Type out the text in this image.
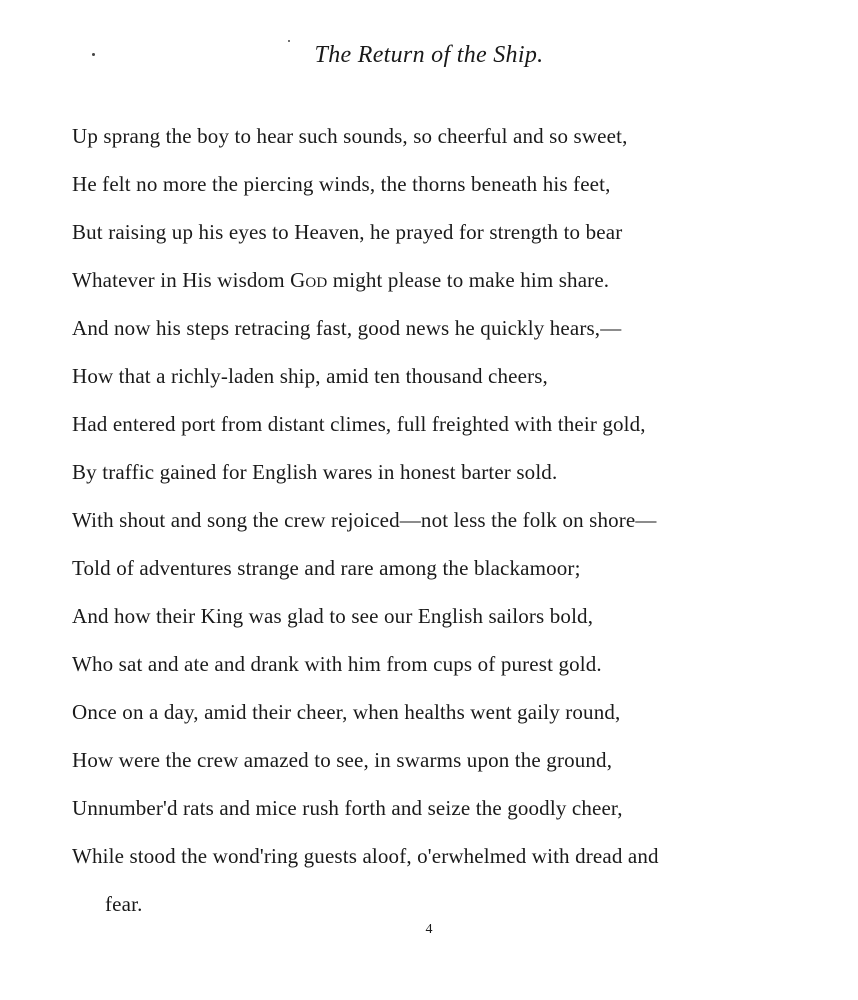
The Return of the Ship.
Up sprang the boy to hear such sounds, so cheerful and so sweet,
He felt no more the piercing winds, the thorns beneath his feet,
But raising up his eyes to Heaven, he prayed for strength to bear
Whatever in His wisdom God might please to make him share.
And now his steps retracing fast, good news he quickly hears,—
How that a richly-laden ship, amid ten thousand cheers,
Had entered port from distant climes, full freighted with their gold,
By traffic gained for English wares in honest barter sold.
With shout and song the crew rejoiced—not less the folk on shore—
Told of adventures strange and rare among the blackamoor;
And how their King was glad to see our English sailors bold,
Who sat and ate and drank with him from cups of purest gold.
Once on a day, amid their cheer, when healths went gaily round,
How were the crew amazed to see, in swarms upon the ground,
Unnumber'd rats and mice rush forth and seize the goodly cheer,
While stood the wond'ring guests aloof, o'erwhelmed with dread and
fear.
4
